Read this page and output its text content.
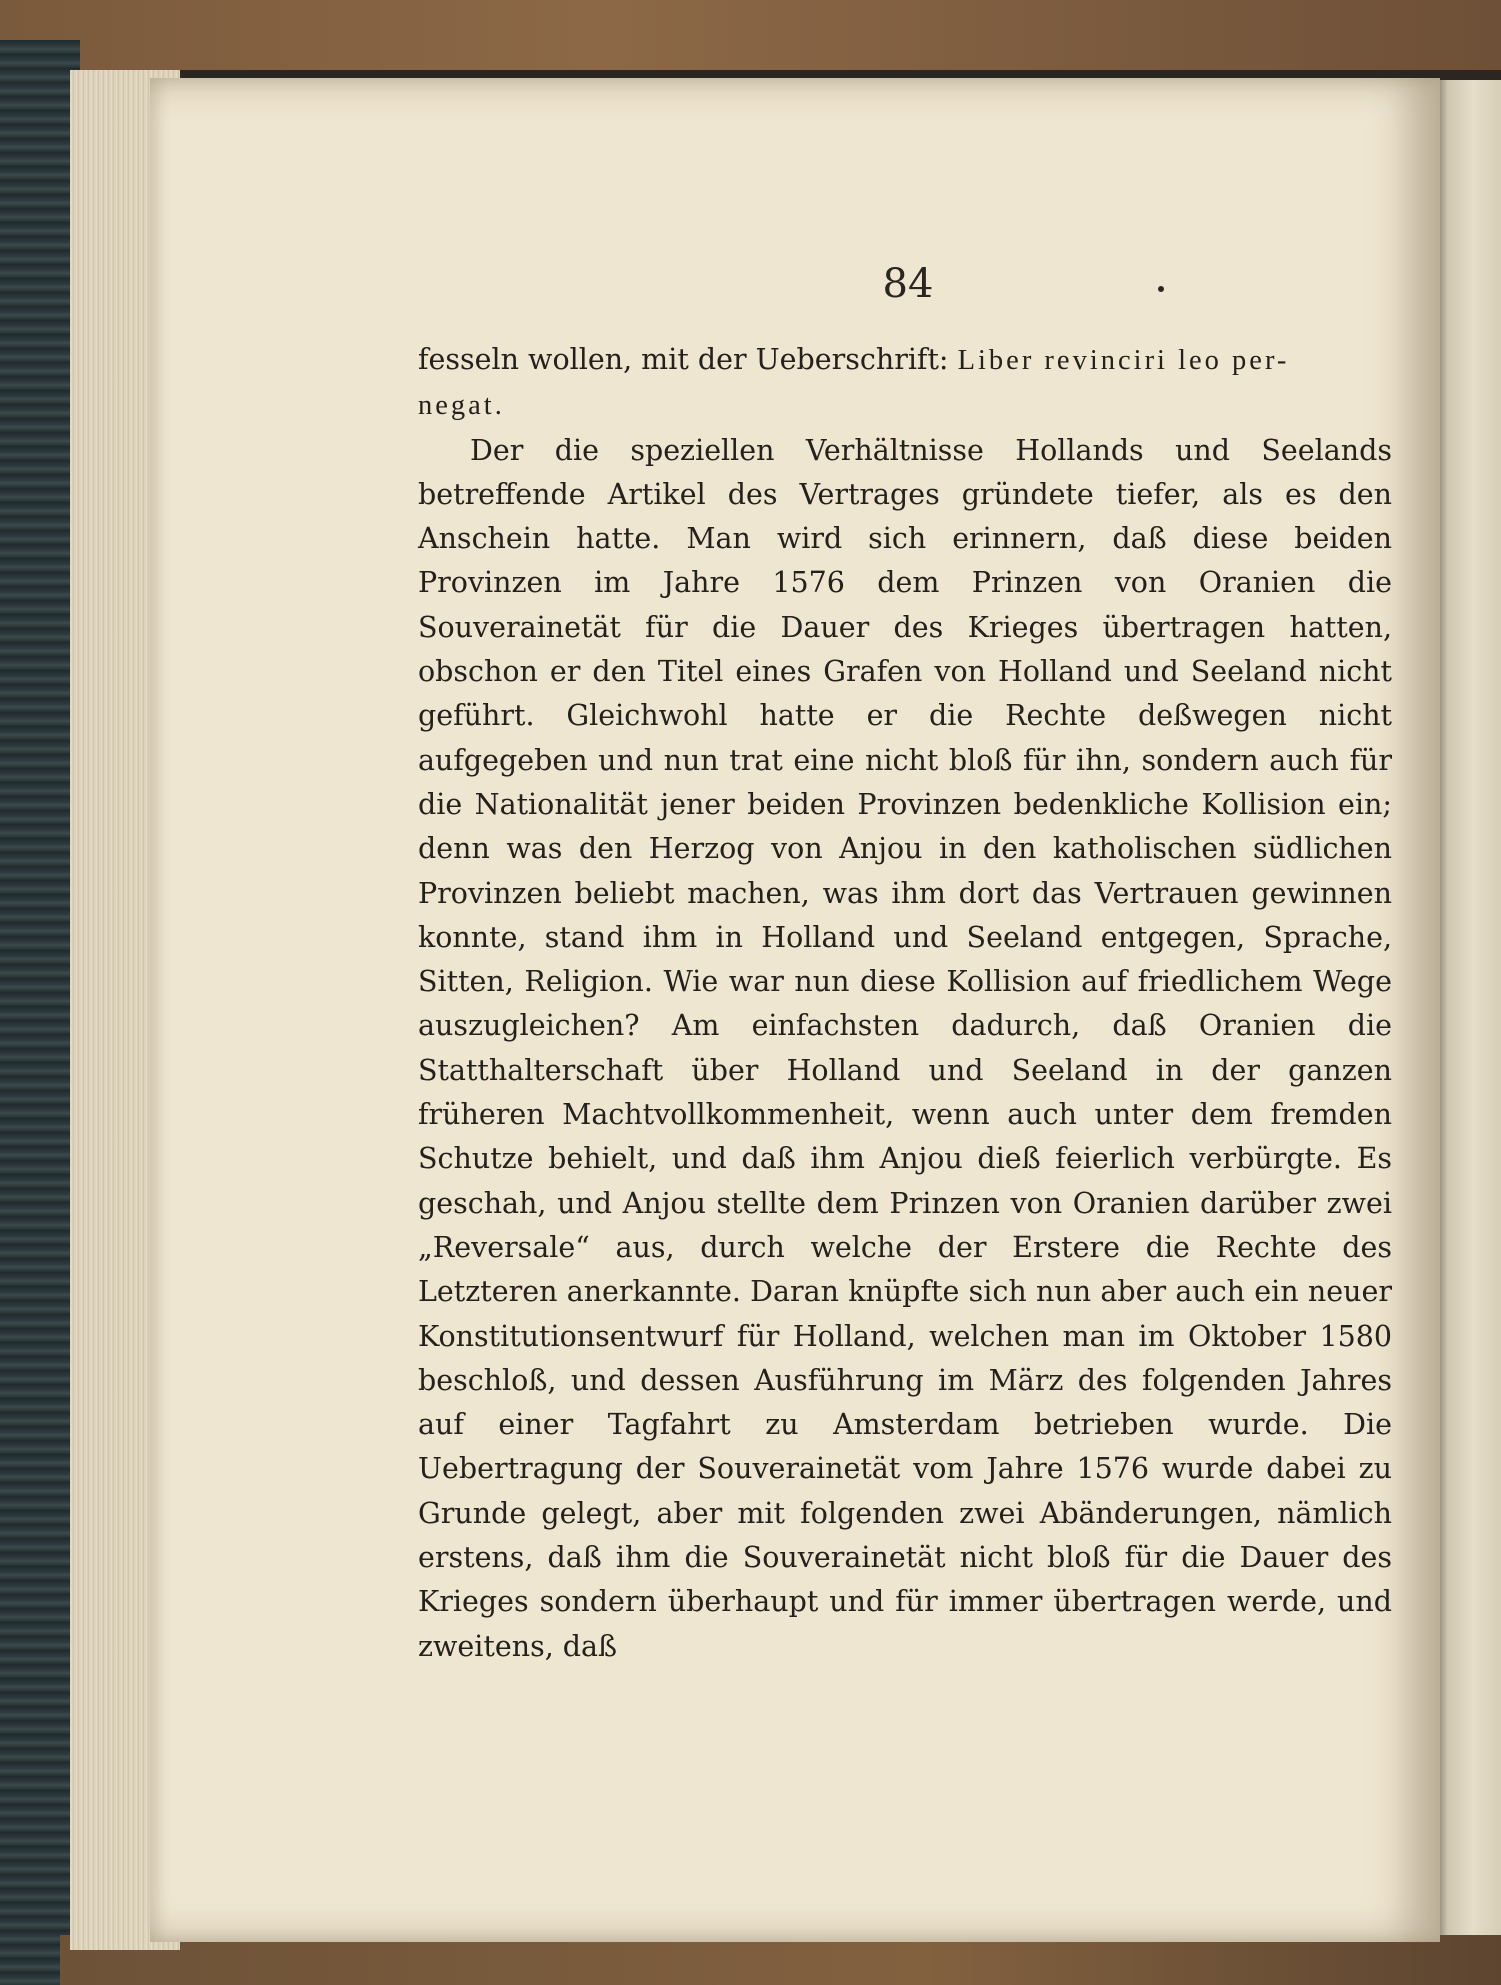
84

fesseln wollen, mit der Ueberschrift: Liber revinciri leo per-

negat.

Der die speziellen Verhältnisse Hollands und Seelands betreffende Artikel des Vertrages gründete tiefer, als es den Anschein hatte. Man wird sich erinnern, daß diese beiden Provinzen im Jahre 1576 dem Prinzen von Oranien die Souverainetät für die Dauer des Krieges übertragen hatten, obschon er den Titel eines Grafen von Holland und Seeland nicht geführt. Gleichwohl hatte er die Rechte deßwegen nicht aufgegeben und nun trat eine nicht bloß für ihn, sondern auch für die Nationalität jener beiden Provinzen bedenkliche Kollision ein; denn was den Herzog von Anjou in den katholischen südlichen Provinzen beliebt machen, was ihm dort das Vertrauen gewinnen konnte, stand ihm in Holland und Seeland entgegen, Sprache, Sitten, Religion. Wie war nun diese Kollision auf friedlichem Wege auszugleichen? Am einfachsten dadurch, daß Oranien die Statthalterschaft über Holland und Seeland in der ganzen früheren Machtvollkommenheit, wenn auch unter dem fremden Schutze behielt, und daß ihm Anjou dieß feierlich verbürgte. Es geschah, und Anjou stellte dem Prinzen von Oranien darüber zwei „Reversale“ aus, durch welche der Erstere die Rechte des Letzteren anerkannte. Daran knüpfte sich nun aber auch ein neuer Konstitutionsentwurf für Holland, welchen man im Oktober 1580 beschloß, und dessen Ausführung im März des folgenden Jahres auf einer Tagfahrt zu Amsterdam betrieben wurde. Die Uebertragung der Souverainetät vom Jahre 1576 wurde dabei zu Grunde gelegt, aber mit folgenden zwei Abänderungen, nämlich erstens, daß ihm die Souverainetät nicht bloß für die Dauer des Krieges sondern überhaupt und für immer übertragen werde, und zweitens, daß
